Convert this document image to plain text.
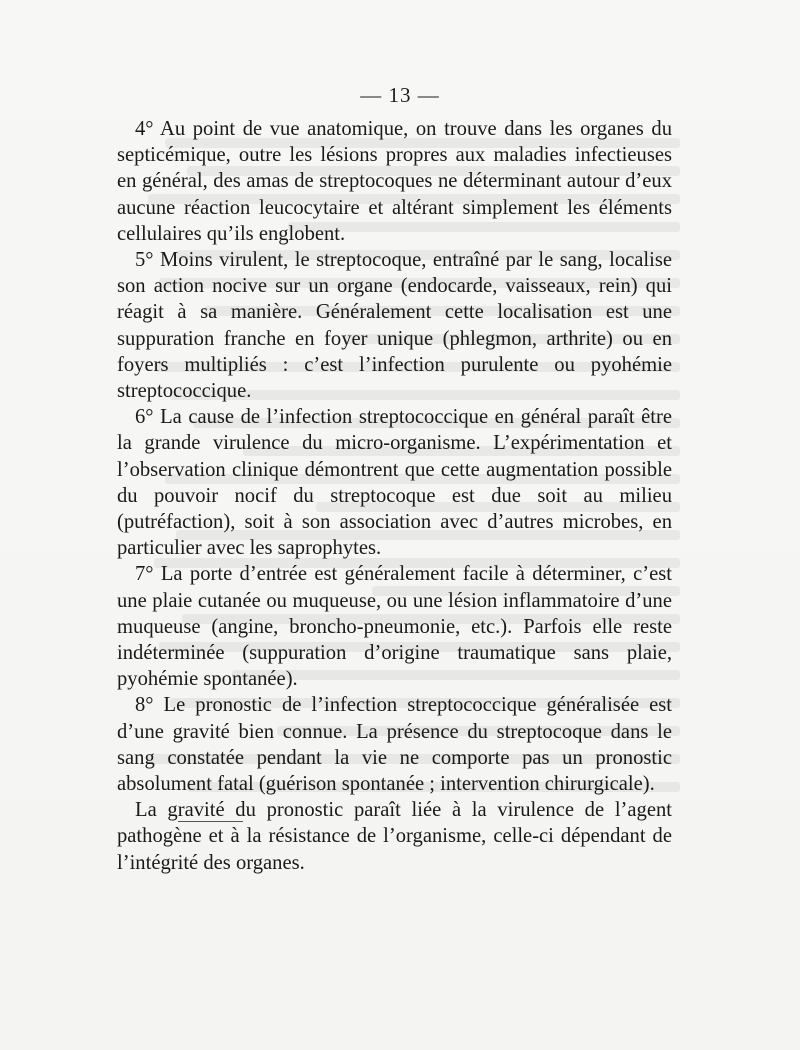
— 13 —

4° Au point de vue anatomique, on trouve dans les organes du septicémique, outre les lésions propres aux maladies infectieuses en général, des amas de streptocoques ne déterminant autour d’eux aucune réaction leucocytaire et altérant simplement les éléments cellulaires qu’ils englobent.

5° Moins virulent, le streptocoque, entraîné par le sang, localise son action nocive sur un organe (endocarde, vaisseaux, rein) qui réagit à sa manière. Généralement cette localisation est une suppuration franche en foyer unique (phlegmon, arthrite) ou en foyers multipliés : c’est l’infection purulente ou pyohémie streptococcique.

6° La cause de l’infection streptococcique en général paraît être la grande virulence du micro-organisme. L’expérimentation et l’observation clinique démontrent que cette augmentation possible du pouvoir nocif du streptocoque est due soit au milieu (putréfaction), soit à son association avec d’autres microbes, en particulier avec les saprophytes.

7° La porte d’entrée est généralement facile à déterminer, c’est une plaie cutanée ou muqueuse, ou une lésion inflammatoire d’une muqueuse (angine, broncho-pneumonie, etc.). Parfois elle reste indéterminée (suppuration d’origine traumatique sans plaie, pyohémie spontanée).

8° Le pronostic de l’infection streptococcique généralisée est d’une gravité bien connue. La présence du streptocoque dans le sang constatée pendant la vie ne comporte pas un pronostic absolument fatal (guérison spontanée ; intervention chirurgicale).

La gravité du pronostic paraît liée à la virulence de l’agent pathogène et à la résistance de l’organisme, celle-ci dépendant de l’intégrité des organes.
